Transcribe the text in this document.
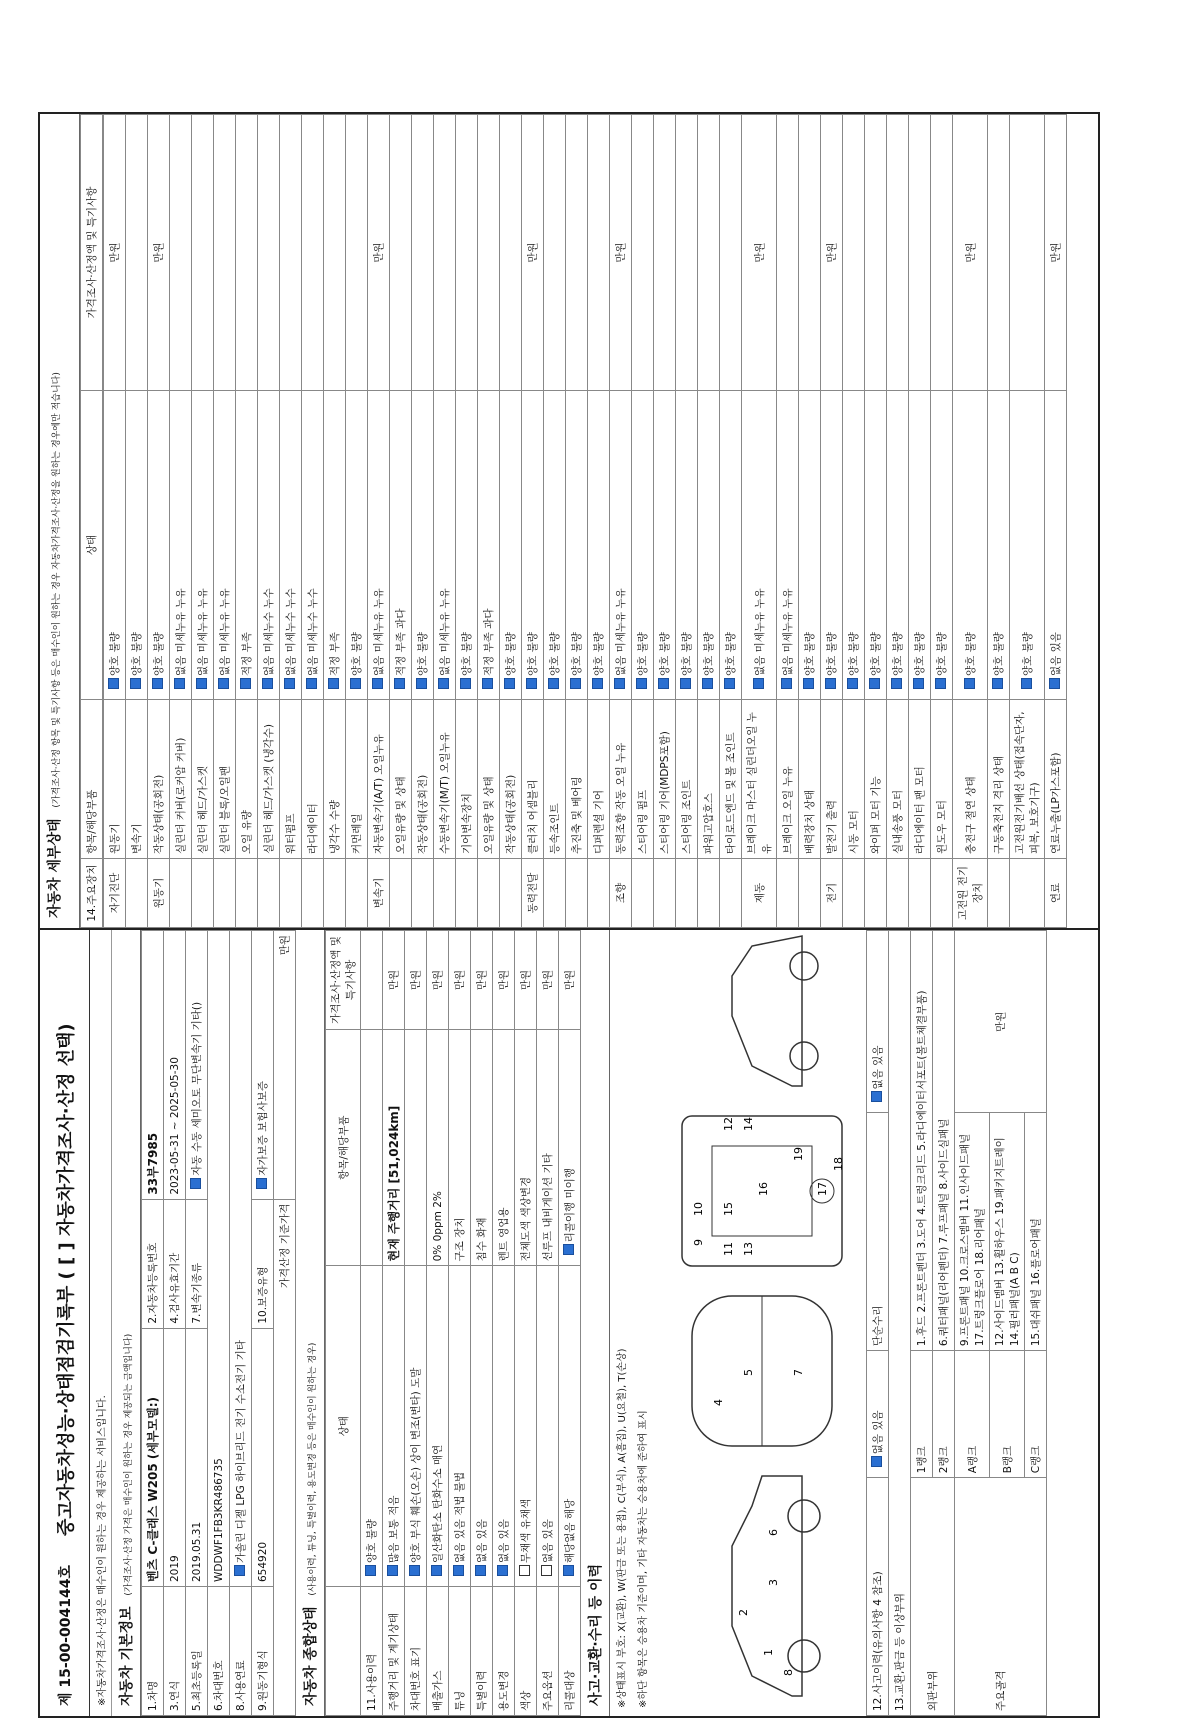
제 15-00-004144호
중고자동차성능·상태점검기록부 ( [ ] 자동차가격조사·산정 선택)
※자동차가격조사·산정은 매수인이 원하는 경우 제공하는 서비스입니다. 자동차 기본정보 (가격조사·산정 가격은 매수인이 원하는 경우 제공되는 금액입니다)
1.차명	벤츠 C-클래스 W205 (세부모델:)	2.자동차등록번호	33부7985
3.연식	2019	4.검사유효기간	2023-05-31 ~ 2025-05-30
5.최초등록일	2019.05.31	7.변속기종류	자동 수동 세미오토 무단변속기 기타()
6.차대번호	WDDWF1FB3KR486735		
8.사용연료	가솔린 디젤 LPG 하이브리드 전기 수소전기 기타		
9.원동기형식	654920	10.보증유형	자가보증 보험사보증
가격산정 기준가격			만원
자동차 종합상태 (사용이력, 튜닝, 특별이력, 용도변경 등은 매수인이 원하는 경우)
		상태	항목/해당부품	가격조사·산정액 및 특기사항
11.사용이력	양호 불량		
주행거리 및 계기상태	많음 보통 적음	현재 주행거리 [51,024km]	만원
차대번호 표기	양호 부식 훼손(오손) 상이 변조(변타) 도말		만원
배출가스	일산화탄소 탄화수소 매연	0% 0ppm 2%	만원
튜닝	없음 있음 적법 불법	구조 장치	만원
특별이력	없음 있음	침수 화재	만원
용도변경	없음 있음	렌트 영업용	만원
색상	무채색 유채색	전체도색 색상변경	만원
주요옵션	없음 있음	선루프 내비게이션 기타	만원
리콜대상	해당없음 해당	리콜이행 미이행	만원
사고·교환·수리 등 이력	※상태표시 부호: X(교환), W(판금 또는 용접), C(부식), A(흠집), U(요철), T(손상)	※하단 항목은 승용차 기준이며, 기타 자동차는 승용차에 준하여 표시	1
2
3
4
5
6
7
8
9
10
11
12
13
14
15
16	17
18
19
12.사고이력(유의사항 4 참조)	없음 있음	단순수리	없음 있음
13.교환,판금 등 이상부위			
외판부위	1랭크	1.후드 2.프론트펜더 3.도어 4.트렁크리드 5.라디에이터서포트(볼트체결부품)	
	2랭크	6.쿼터패널(리어펜더) 7.루프패널 8.사이드실패널	
주요골격	A랭크	9.프론트패널 10.크로스멤버 11.인사이드패널 17.트렁크플로어 18.리어패널	만원
	B랭크	12.사이드멤버 13.휠하우스 19.패키지트레이 14.필러패널(A B C)	
	C랭크	15.대쉬패널 16.플로어패널	
자동차 세부상태 (가격조사·산정 항목 및 특기사항 등은 매수인이 원하는 경우 자동차가격조사·산정을 원하는 경우에만 적습니다)
14.주요장치	항목/해당부품	상태	가격조사·산정액 및 특기사항
자기진단	원동기	양호 불량	만원
	변속기	양호 불량	
원동기	작동상태(공회전)	양호 불량	만원
	실린더 커버(로커암 커버)	없음 미세누유 누유	
	실린더 헤드/가스켓	없음 미세누유 누유	
	실린더 블록/오일팬	없음 미세누유 누유	
	오일 유량	적정 부족	
	실린더 헤드/가스켓 (냉각수)	없음 미세누수 누수	
	워터펌프	없음 미세누수 누수	
	라디에이터	없음 미세누수 누수	
	냉각수 수량	적정 부족	
	커먼레일	양호 불량	
변속기	자동변속기(A/T) 오일누유	없음 미세누유 누유	만원
	오일유량 및 상태	적정 부족 과다	
	작동상태(공회전)	양호 불량	
	수동변속기(M/T) 오일누유	없음 미세누유 누유	
	기어변속장치	양호 불량	
	오일유량 및 상태	적정 부족 과다	
	작동상태(공회전)	양호 불량	
동력전달	클러치 어셈블리	양호 불량	만원
	등속조인트	양호 불량	
	추진축 및 베어링	양호 불량	
	디퍼렌셜 기어	양호 불량	
조향	동력조향 작동 오일 누유	없음 미세누유 누유	만원
	스티어링 펌프	양호 불량	
	스티어링 기어(MDPS포함)	양호 불량	
	스티어링 조인트	양호 불량	
	파워고압호스	양호 불량	
	타이로드엔드 및 볼 조인트	양호 불량	
제동	브레이크 마스터 실린더오일 누유	없음 미세누유 누유	만원
	브레이크 오일 누유	없음 미세누유 누유	
	배력장치 상태	양호 불량	
전기	발전기 출력	양호 불량	만원
	시동 모터	양호 불량	
	와이퍼 모터 기능	양호 불량	
	실내송풍 모터	양호 불량	
	라디에이터 팬 모터	양호 불량	
	윈도우 모터	양호 불량	
고전원 전기장치	충전구 절연 상태	양호 불량	만원
	구동축전지 격리 상태	양호 불량	
	고전원전기배선 상태(접속단자, 피복, 보호기구)	양호 불량	
연료	연료누출(LP가스포함)	없음 있음	만원
